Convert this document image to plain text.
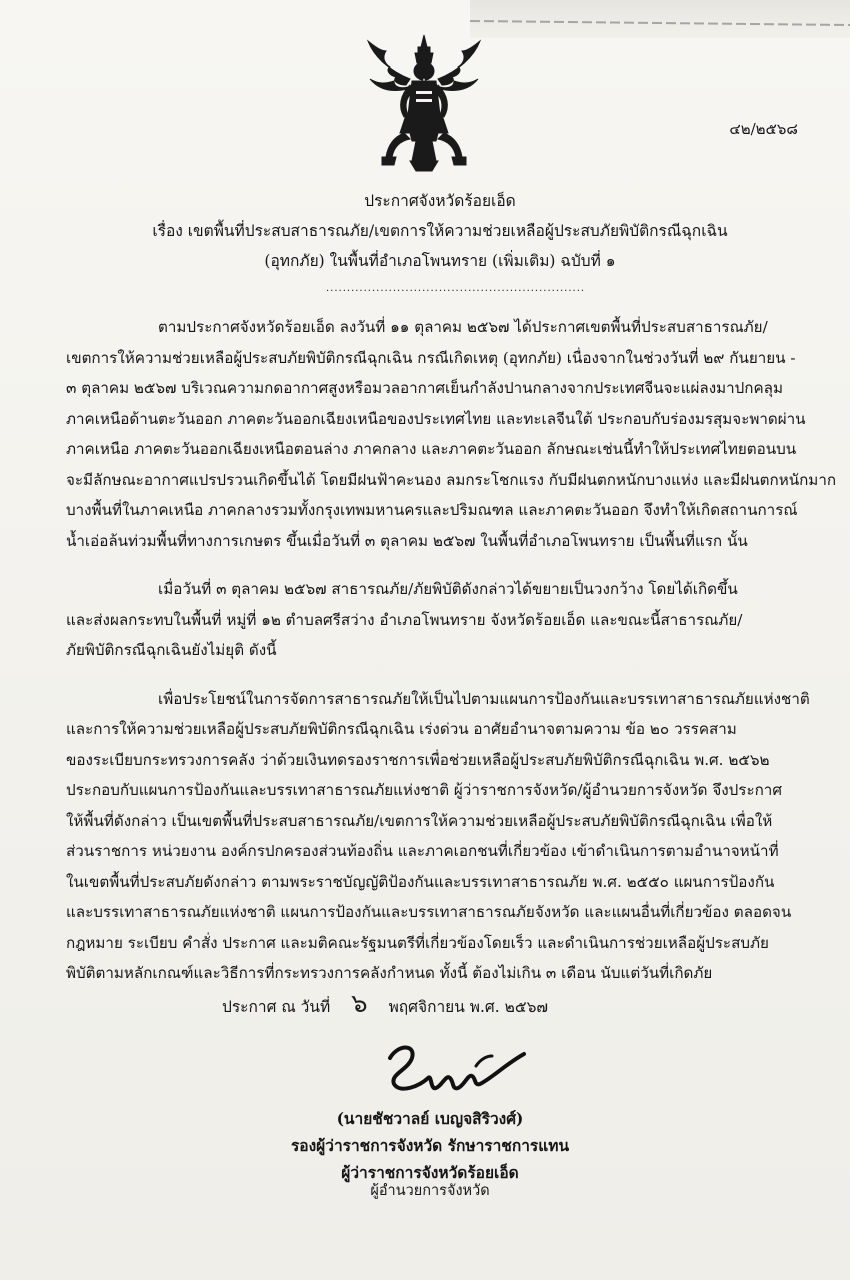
๔๒/๒๕๖๘
ประกาศจังหวัดร้อยเอ็ด
เรื่อง เขตพื้นที่ประสบสาธารณภัย/เขตการให้ความช่วยเหลือผู้ประสบภัยพิบัติกรณีฉุกเฉิน
(อุทกภัย) ในพื้นที่อำเภอโพนทราย (เพิ่มเติม) ฉบับที่ ๑
..............................................................
ตามประกาศจังหวัดร้อยเอ็ด ลงวันที่ ๑๑ ตุลาคม ๒๕๖๗ ได้ประกาศเขตพื้นที่ประสบสาธารณภัย/
เขตการให้ความช่วยเหลือผู้ประสบภัยพิบัติกรณีฉุกเฉิน กรณีเกิดเหตุ (อุทกภัย) เนื่องจากในช่วงวันที่ ๒๙ กันยายน -
๓ ตุลาคม ๒๕๖๗ บริเวณความกดอากาศสูงหรือมวลอากาศเย็นกำลังปานกลางจากประเทศจีนจะแผ่ลงมาปกคลุม
ภาคเหนือด้านตะวันออก ภาคตะวันออกเฉียงเหนือของประเทศไทย และทะเลจีนใต้ ประกอบกับร่องมรสุมจะพาดผ่าน
ภาคเหนือ ภาคตะวันออกเฉียงเหนือตอนล่าง ภาคกลาง และภาคตะวันออก ลักษณะเช่นนี้ทำให้ประเทศไทยตอนบน
จะมีลักษณะอากาศแปรปรวนเกิดขึ้นได้ โดยมีฝนฟ้าคะนอง ลมกระโชกแรง กับมีฝนตกหนักบางแห่ง และมีฝนตกหนักมาก
บางพื้นที่ในภาคเหนือ ภาคกลางรวมทั้งกรุงเทพมหานครและปริมณฑล และภาคตะวันออก จึงทำให้เกิดสถานการณ์
น้ำเอ่อล้นท่วมพื้นที่ทางการเกษตร ขึ้นเมื่อวันที่ ๓ ตุลาคม ๒๕๖๗ ในพื้นที่อำเภอโพนทราย เป็นพื้นที่แรก นั้น
เมื่อวันที่ ๓ ตุลาคม ๒๕๖๗ สาธารณภัย/ภัยพิบัติดังกล่าวได้ขยายเป็นวงกว้าง โดยได้เกิดขึ้น
และส่งผลกระทบในพื้นที่ หมู่ที่ ๑๒ ตำบลศรีสว่าง อำเภอโพนทราย จังหวัดร้อยเอ็ด และขณะนี้สาธารณภัย/
ภัยพิบัติกรณีฉุกเฉินยังไม่ยุติ ดังนี้
เพื่อประโยชน์ในการจัดการสาธารณภัยให้เป็นไปตามแผนการป้องกันและบรรเทาสาธารณภัยแห่งชาติ
และการให้ความช่วยเหลือผู้ประสบภัยพิบัติกรณีฉุกเฉิน เร่งด่วน อาศัยอำนาจตามความ ข้อ ๒๐ วรรคสาม
ของระเบียบกระทรวงการคลัง ว่าด้วยเงินทดรองราชการเพื่อช่วยเหลือผู้ประสบภัยพิบัติกรณีฉุกเฉิน พ.ศ. ๒๕๖๒
ประกอบกับแผนการป้องกันและบรรเทาสาธารณภัยแห่งชาติ ผู้ว่าราชการจังหวัด/ผู้อำนวยการจังหวัด จึงประกาศ
ให้พื้นที่ดังกล่าว เป็นเขตพื้นที่ประสบสาธารณภัย/เขตการให้ความช่วยเหลือผู้ประสบภัยพิบัติกรณีฉุกเฉิน เพื่อให้
ส่วนราชการ หน่วยงาน องค์กรปกครองส่วนท้องถิ่น และภาคเอกชนที่เกี่ยวข้อง เข้าดำเนินการตามอำนาจหน้าที่
ในเขตพื้นที่ประสบภัยดังกล่าว ตามพระราชบัญญัติป้องกันและบรรเทาสาธารณภัย พ.ศ. ๒๕๕๐ แผนการป้องกัน
และบรรเทาสาธารณภัยแห่งชาติ แผนการป้องกันและบรรเทาสาธารณภัยจังหวัด และแผนอื่นที่เกี่ยวข้อง ตลอดจน
กฎหมาย ระเบียบ คำสั่ง ประกาศ และมติคณะรัฐมนตรีที่เกี่ยวข้องโดยเร็ว และดำเนินการช่วยเหลือผู้ประสบภัย
พิบัติตามหลักเกณฑ์และวิธีการที่กระทรวงการคลังกำหนด ทั้งนี้ ต้องไม่เกิน ๓ เดือน นับแต่วันที่เกิดภัย
ประกาศ ณ วันที่ ๖ พฤศจิกายน พ.ศ. ๒๕๖๗
(นายชัชวาลย์ เบญจสิริวงศ์)
รองผู้ว่าราชการจังหวัด รักษาราชการแทน
ผู้ว่าราชการจังหวัดร้อยเอ็ด
ผู้อำนวยการจังหวัด
